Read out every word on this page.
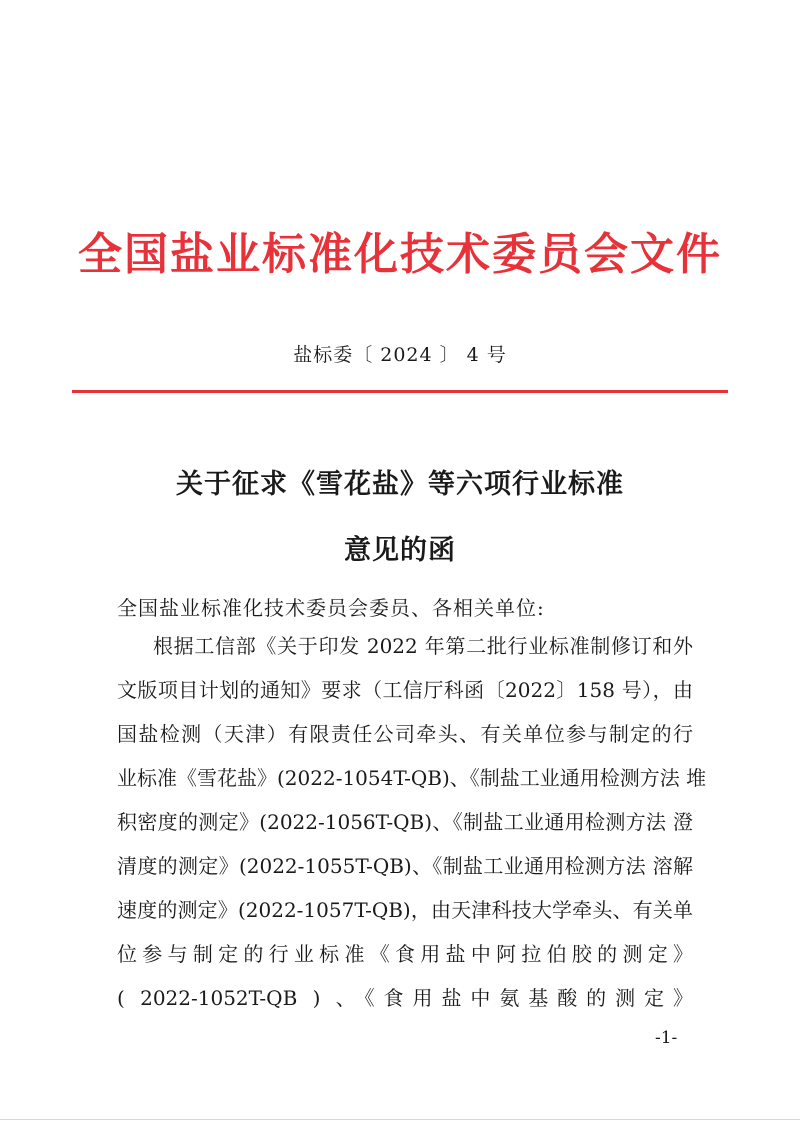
全国盐业标准化技术委员会文件
盐标委〔 2024 〕 4 号
关于征求《雪花盐》等六项行业标准
意见的函
全国盐业标准化技术委员会委员、各相关单位:
根据工信部《关于印发 2022 年第二批行业标准制修订和外
文版项目计划的通知》要求（工信厅科函〔2022〕158 号），由
国盐检测（天津）有限责任公司牵头、有关单位参与制定的行
业标准《雪花盐》(2022-1054T-QB)、《制盐工业通用检测方法 堆
积密度的测定》(2022-1056T-QB)、《制盐工业通用检测方法 澄
清度的测定》(2022-1055T-QB)、《制盐工业通用检测方法 溶解
速度的测定》(2022-1057T-QB)，由天津科技大学牵头、有关单
位参与制定的行业标准《食用盐中阿拉伯胶的测定》
( 2022-1052T-QB ) 、《食用盐中氨基酸的测定》
-1-
